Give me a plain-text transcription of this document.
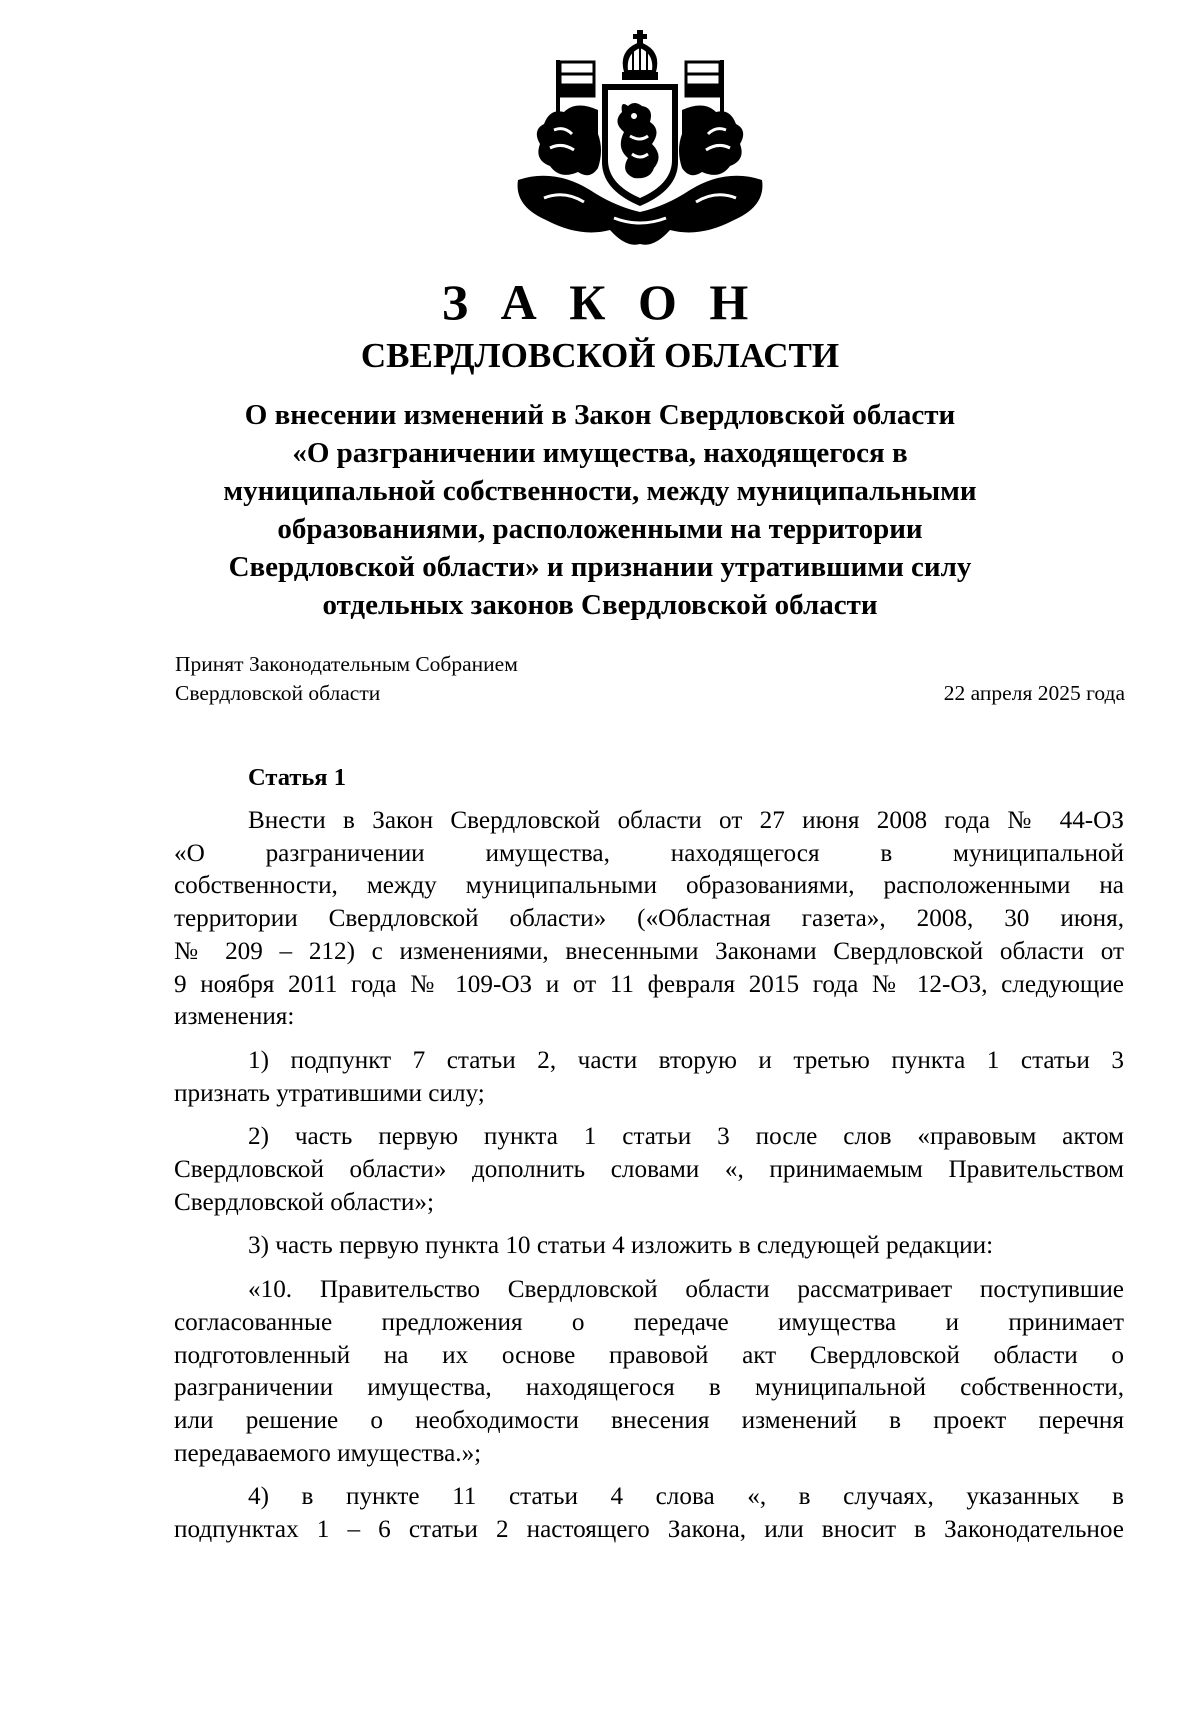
З А К О Н
СВЕРДЛОВСКОЙ ОБЛАСТИ
О внесении изменений в Закон Свердловской области
«О разграничении имущества, находящегося в
муниципальной собственности, между муниципальными
образованиями, расположенными на территории
Свердловской области» и признании утратившими силу
отдельных законов Свердловской области
Принят Законодательным Собранием
Свердловской области	22 апреля 2025 года
Статья 1
Внести в Закон Свердловской области от 27 июня 2008 года № 44-ОЗ
«О разграничении имущества, находящегося в муниципальной
собственности, между муниципальными образованиями, расположенными на
территории Свердловской области» («Областная газета», 2008, 30 июня,
№ 209 – 212) с изменениями, внесенными Законами Свердловской области от
9 ноября 2011 года № 109-ОЗ и от 11 февраля 2015 года № 12-ОЗ, следующие
изменения:
1) подпункт 7 статьи 2, части вторую и третью пункта 1 статьи 3
признать утратившими силу;
2) часть первую пункта 1 статьи 3 после слов «правовым актом
Свердловской области» дополнить словами «, принимаемым Правительством
Свердловской области»;
3) часть первую пункта 10 статьи 4 изложить в следующей редакции:
«10. Правительство Свердловской области рассматривает поступившие
согласованные предложения о передаче имущества и принимает
подготовленный на их основе правовой акт Свердловской области о
разграничении имущества, находящегося в муниципальной собственности,
или решение о необходимости внесения изменений в проект перечня
передаваемого имущества.»;
4) в пункте 11 статьи 4 слова «, в случаях, указанных в
подпунктах 1 – 6 статьи 2 настоящего Закона, или вносит в Законодательное
